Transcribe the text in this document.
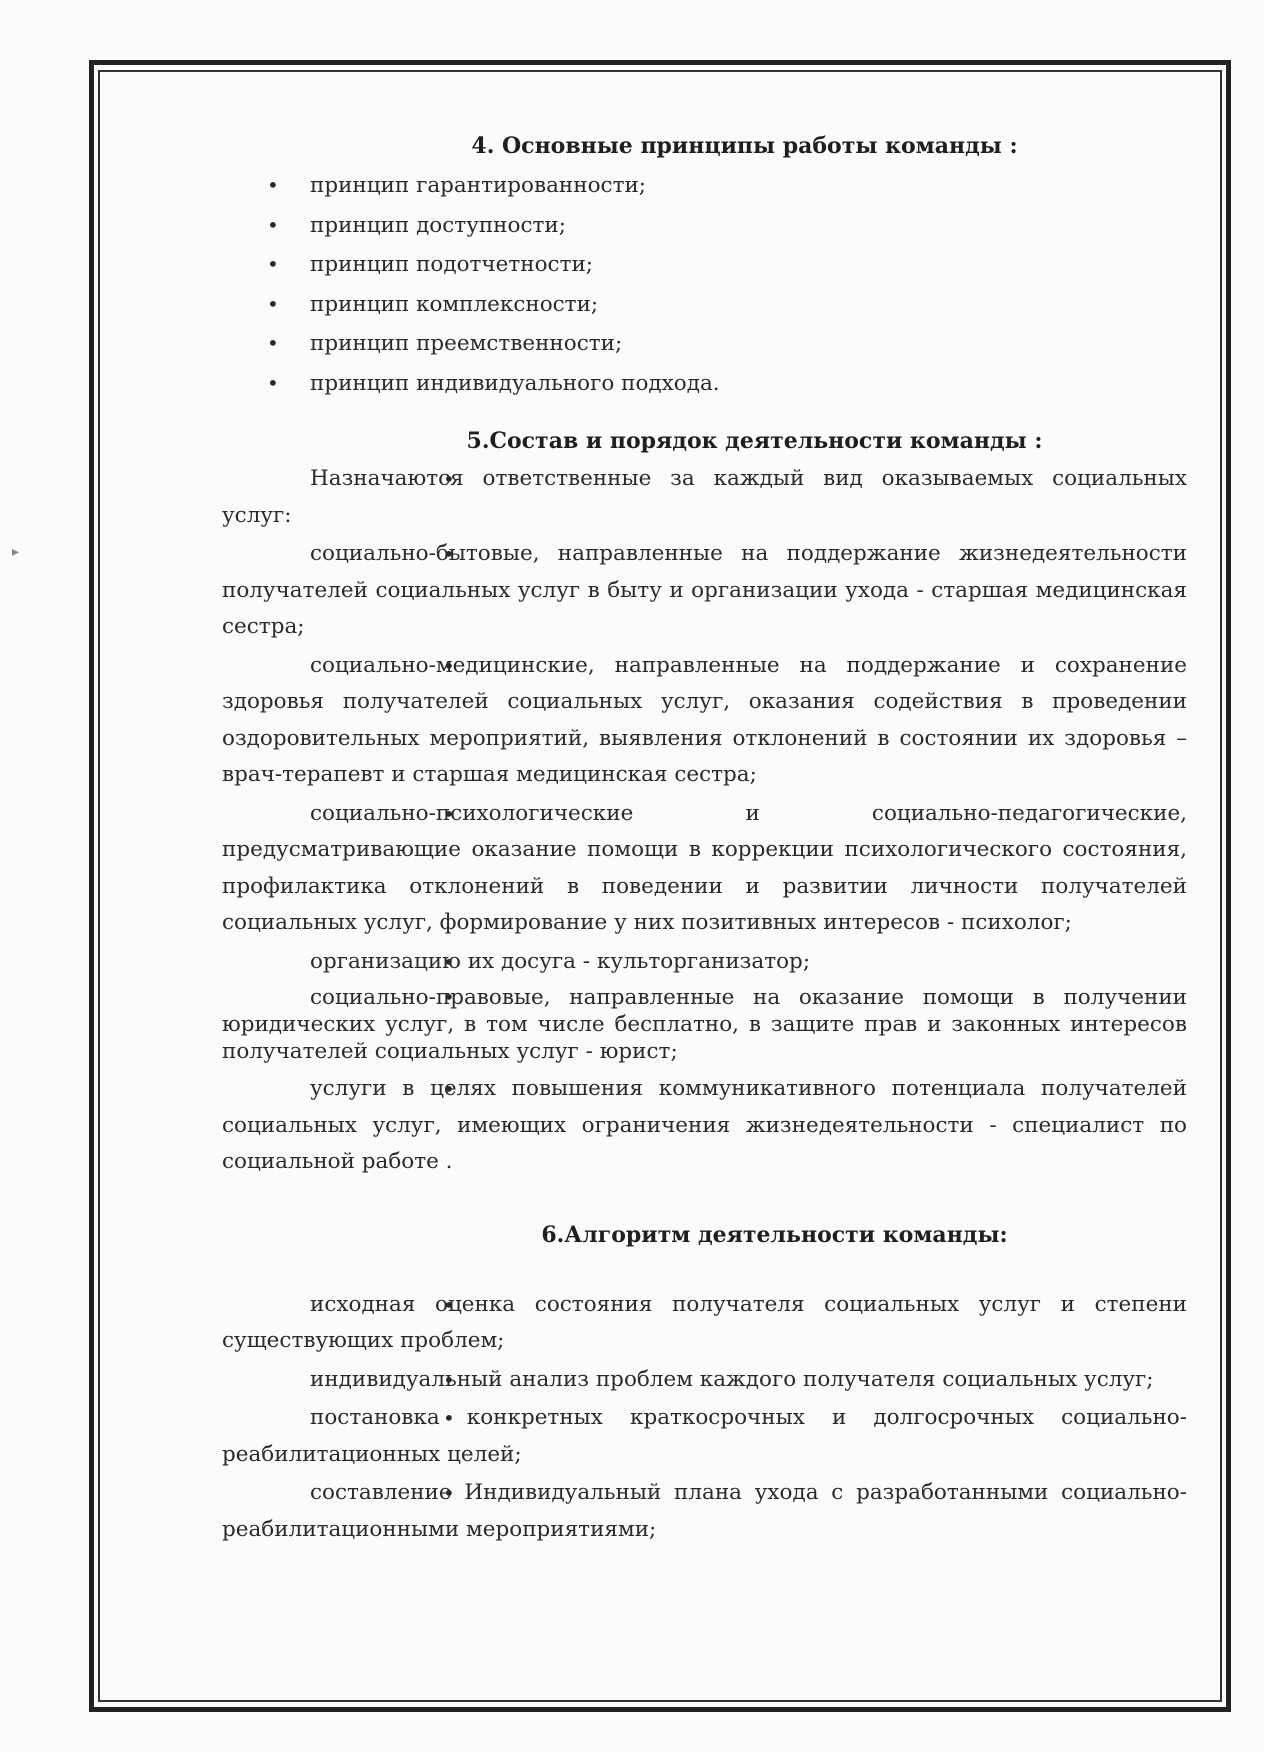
4. Основные принципы работы команды :
• принцип гарантированности;
• принцип доступности;
• принцип подотчетности;
• принцип комплексности;
• принцип преемственности;
• принцип индивидуального подхода.
5.Состав и порядок деятельности команды :

Назначаются ответственные за каждый вид оказываемых социальных услуг:

социально-бытовые, направленные на поддержание жизнедеятельности получателей социальных услуг в быту и организации ухода - старшая медицинская сестра;

социально-медицинские, направленные на поддержание и сохранение здоровья получателей социальных услуг, оказания содействия в проведении оздоровительных мероприятий, выявления отклонений в состоянии их здоровья – врач-терапевт и старшая медицинская сестра;

социально-психологические и социально-педагогические, предусматривающие оказание помощи в коррекции психологического состояния, профилактика отклонений в поведении и развитии личности получателей социальных услуг, формирование у них позитивных интересов - психолог;

организацию их досуга - культорганизатор;

социально-правовые, направленные на оказание помощи в получении юридических услуг, в том числе бесплатно, в защите прав и законных интересов получателей социальных услуг - юрист;

услуги в целях повышения коммуникативного потенциала получателей социальных услуг, имеющих ограничения жизнедеятельности - специалист по социальной работе .

6.Алгоритм деятельности команды:

исходная оценка состояния получателя социальных услуг и степени существующих проблем;

индивидуальный анализ проблем каждого получателя социальных услуг;

постановка конкретных краткосрочных и долгосрочных социально-реабилитационных целей;

составление Индивидуальный плана ухода с разработанными социально-реабилитационными мероприятиями;

▸
